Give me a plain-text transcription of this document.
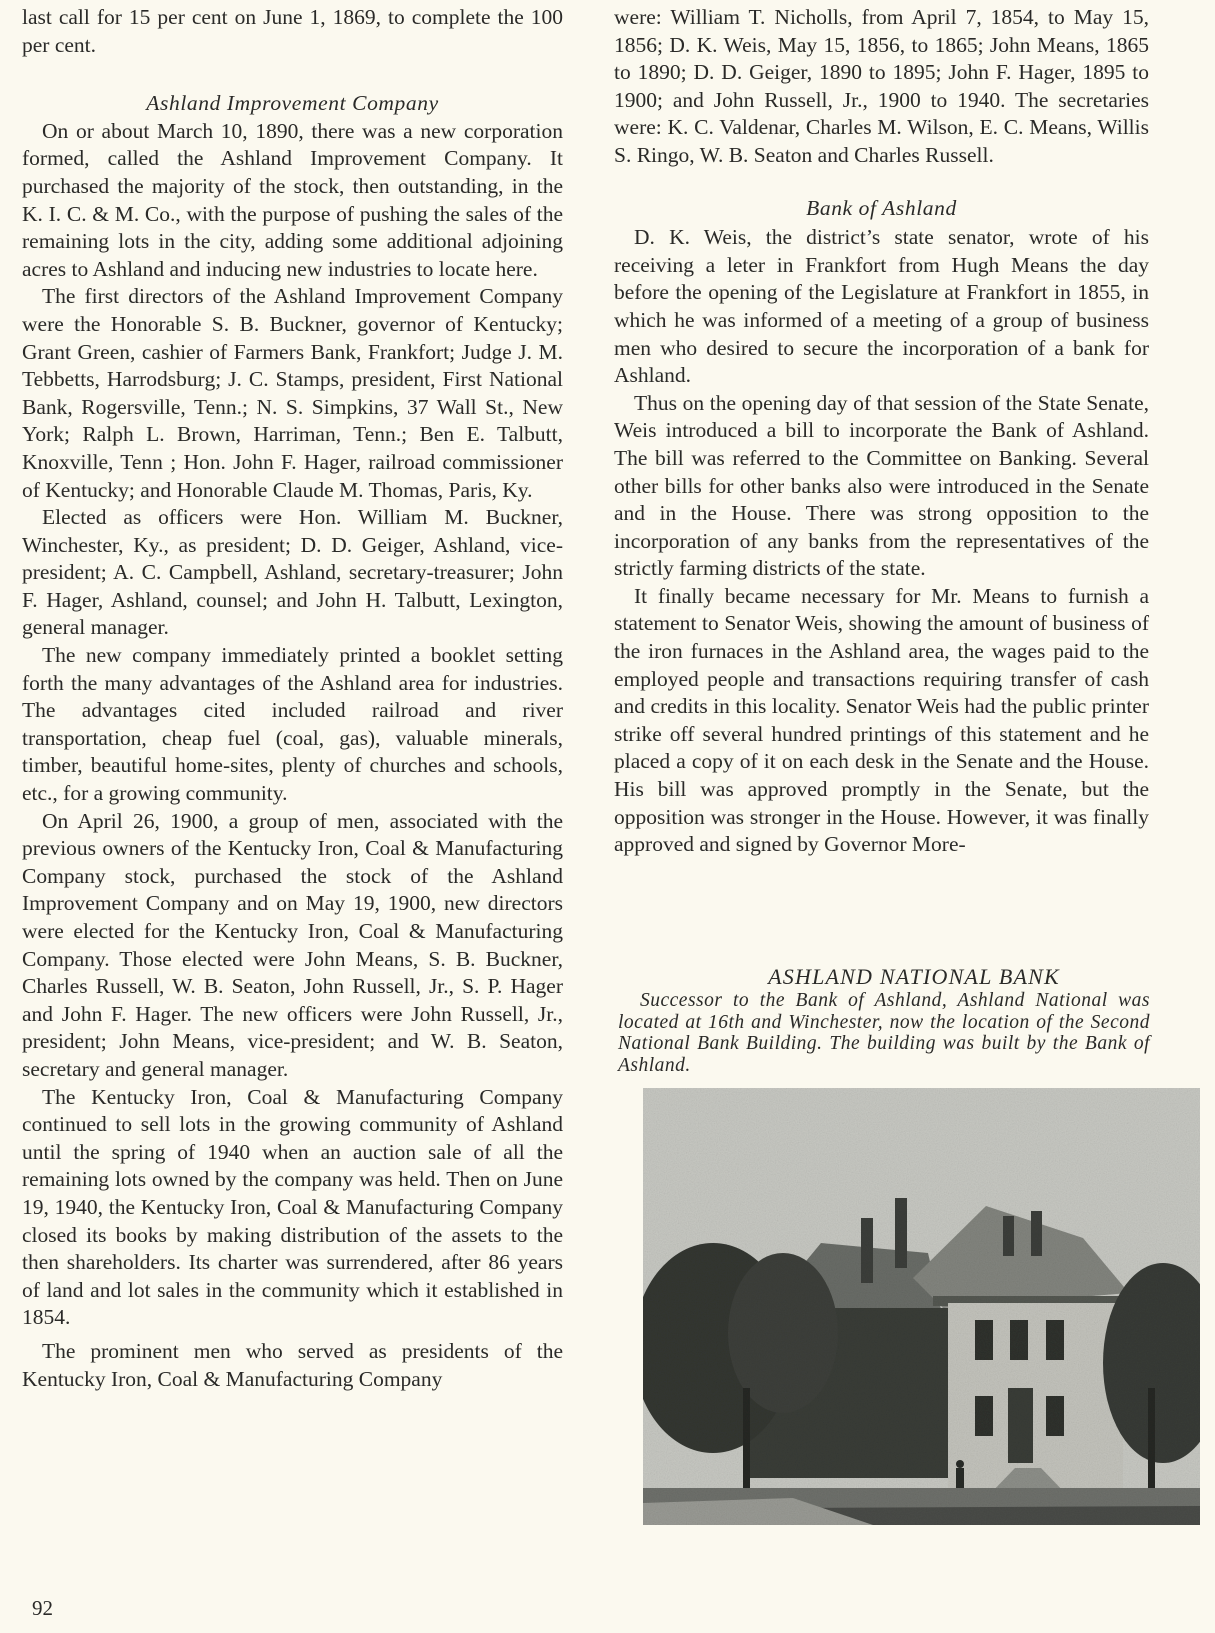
last call for 15 per cent on June 1, 1869, to complete the 100 per cent.

Ashland Improvement Company

On or about March 10, 1890, there was a new corporation formed, called the Ashland Improvement Company. It purchased the majority of the stock, then outstanding, in the K. I. C. & M. Co., with the purpose of pushing the sales of the remaining lots in the city, adding some additional adjoining acres to Ashland and inducing new industries to locate here.

The first directors of the Ashland Improvement Company were the Honorable S. B. Buckner, governor of Kentucky; Grant Green, cashier of Farmers Bank, Frankfort; Judge J. M. Tebbetts, Harrodsburg; J. C. Stamps, president, First National Bank, Rogersville, Tenn.; N. S. Simpkins, 37 Wall St., New York; Ralph L. Brown, Harriman, Tenn.; Ben E. Talbutt, Knoxville, Tenn ; Hon. John F. Hager, railroad commissioner of Kentucky; and Honorable Claude M. Thomas, Paris, Ky.

Elected as officers were Hon. William M. Buckner, Winchester, Ky., as president; D. D. Geiger, Ashland, vice-president; A. C. Campbell, Ashland, secretary-treasurer; John F. Hager, Ashland, counsel; and John H. Talbutt, Lexington, general manager.

The new company immediately printed a booklet setting forth the many advantages of the Ashland area for industries. The advantages cited included railroad and river transportation, cheap fuel (coal, gas), valuable minerals, timber, beautiful home-sites, plenty of churches and schools, etc., for a growing community.

On April 26, 1900, a group of men, associated with the previous owners of the Kentucky Iron, Coal & Manufacturing Company stock, purchased the stock of the Ashland Improvement Company and on May 19, 1900, new directors were elected for the Kentucky Iron, Coal & Manufacturing Company. Those elected were John Means, S. B. Buckner, Charles Russell, W. B. Seaton, John Russell, Jr., S. P. Hager and John F. Hager. The new officers were John Russell, Jr., president; John Means, vice-president; and W. B. Seaton, secretary and general manager.

The Kentucky Iron, Coal & Manufacturing Company continued to sell lots in the growing community of Ashland until the spring of 1940 when an auction sale of all the remaining lots owned by the company was held. Then on June 19, 1940, the Kentucky Iron, Coal & Manufacturing Company closed its books by making distribution of the assets to the then shareholders. Its charter was surrendered, after 86 years of land and lot sales in the community which it established in 1854.

The prominent men who served as presidents of the Kentucky Iron, Coal & Manufacturing Company

were: William T. Nicholls, from April 7, 1854, to May 15, 1856; D. K. Weis, May 15, 1856, to 1865; John Means, 1865 to 1890; D. D. Geiger, 1890 to 1895; John F. Hager, 1895 to 1900; and John Russell, Jr., 1900 to 1940. The secretaries were: K. C. Valdenar, Charles M. Wilson, E. C. Means, Willis S. Ringo, W. B. Seaton and Charles Russell.

Bank of Ashland

D. K. Weis, the district’s state senator, wrote of his receiving a leter in Frankfort from Hugh Means the day before the opening of the Legislature at Frankfort in 1855, in which he was informed of a meeting of a group of business men who desired to secure the incorporation of a bank for Ashland.

Thus on the opening day of that session of the State Senate, Weis introduced a bill to incorporate the Bank of Ashland. The bill was referred to the Committee on Banking. Several other bills for other banks also were introduced in the Senate and in the House. There was strong opposition to the incorporation of any banks from the representatives of the strictly farming districts of the state.

It finally became necessary for Mr. Means to furnish a statement to Senator Weis, showing the amount of business of the iron furnaces in the Ashland area, the wages paid to the employed people and transactions requiring transfer of cash and credits in this locality. Senator Weis had the public printer strike off several hundred printings of this statement and he placed a copy of it on each desk in the Senate and the House. His bill was approved promptly in the Senate, but the opposition was stronger in the House. However, it was finally approved and signed by Governor More-

ASHLAND NATIONAL BANK
Successor to the Bank of Ashland, Ashland National was located at 16th and Winchester, now the location of the Second National Bank Building. The building was built by the Bank of Ashland.
92
